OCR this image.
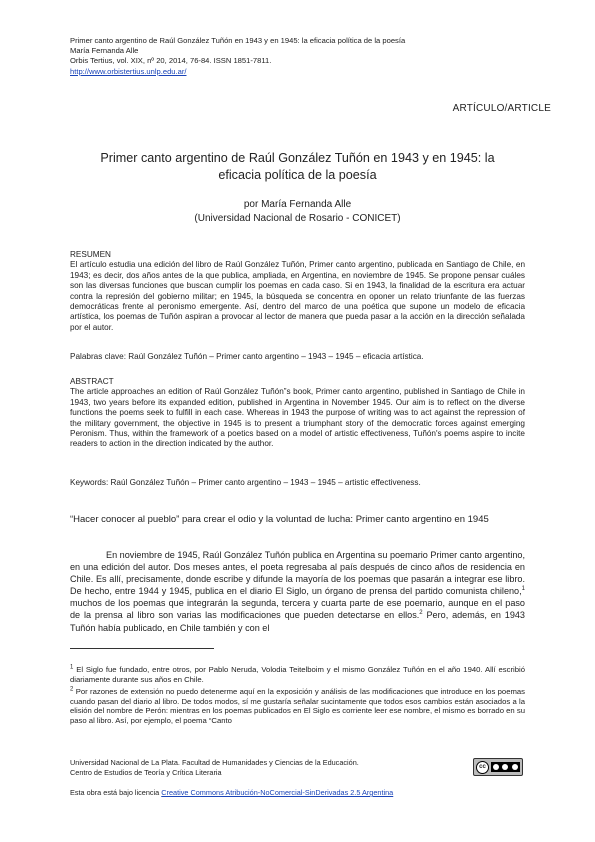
Primer canto argentino de Raúl González Tuñón en 1943 y en 1945: la eficacia política de la poesía
María Fernanda Alle
Orbis Tertius, vol. XIX, nº 20, 2014, 76-84. ISSN 1851-7811.
http://www.orbistertius.unlp.edu.ar/
ARTÍCULO/ARTICLE
Primer canto argentino de Raúl González Tuñón en 1943 y en 1945: la eficacia política de la poesía
por María Fernanda Alle
(Universidad Nacional de Rosario - CONICET)
RESUMEN
El artículo estudia una edición del libro de Raúl González Tuñón, Primer canto argentino, publicada en Santiago de Chile, en 1943; es decir, dos años antes de la que publica, ampliada, en Argentina, en noviembre de 1945. Se propone pensar cuáles son las diversas funciones que buscan cumplir los poemas en cada caso. Si en 1943, la finalidad de la escritura era actuar contra la represión del gobierno militar; en 1945, la búsqueda se concentra en oponer un relato triunfante de las fuerzas democráticas frente al peronismo emergente. Así, dentro del marco de una poética que supone un modelo de eficacia artística, los poemas de Tuñón aspiran a provocar al lector de manera que pueda pasar a la acción en la dirección señalada por el autor.
Palabras clave: Raúl González Tuñón – Primer canto argentino – 1943 – 1945 – eficacia artística.
ABSTRACT
The article approaches an edition of Raúl González Tuñón”s book, Primer canto argentino, published in Santiago de Chile in 1943, two years before its expanded edition, published in Argentina in November 1945. Our aim is to reflect on the diverse functions the poems seek to fulfill in each case. Whereas in 1943 the purpose of writing was to act against the repression of the military government, the objective in 1945 is to present a triumphant story of the democratic forces against emerging Peronism. Thus, within the framework of a poetics based on a model of artistic effectiveness, Tuñón's poems aspire to incite readers to action in the direction indicated by the author.
Keywords: Raúl González Tuñón – Primer canto argentino – 1943 – 1945 – artistic effectiveness.
“Hacer conocer al pueblo” para crear el odio y la voluntad de lucha: Primer canto argentino en 1945
En noviembre de 1945, Raúl González Tuñón publica en Argentina su poemario Primer canto argentino, en una edición del autor. Dos meses antes, el poeta regresaba al país después de cinco años de residencia en Chile. Es allí, precisamente, donde escribe y difunde la mayoría de los poemas que pasarán a integrar ese libro. De hecho, entre 1944 y 1945, publica en el diario El Siglo, un órgano de prensa del partido comunista chileno,$^1$ muchos de los poemas que integrarán la segunda, tercera y cuarta parte de ese poemario, aunque en el paso de la prensa al libro son varias las modificaciones que pueden detectarse en ellos.$^2$ Pero, además, en 1943 Tuñón había publicado, en Chile también y con el
$^1$ El Siglo fue fundado, entre otros, por Pablo Neruda, Volodia Teitelboim y el mismo González Tuñón en el año 1940. Allí escribió diariamente durante sus años en Chile.
$^2$ Por razones de extensión no puedo detenerme aquí en la exposición y análisis de las modificaciones que introduce en los poemas cuando pasan del diario al libro. De todos modos, sí me gustaría señalar sucintamente que todos esos cambios están asociados a la elisión del nombre de Perón: mientras en los poemas publicados en El Siglo es corriente leer ese nombre, el mismo es borrado en su paso al libro. Así, por ejemplo, el poema “Canto
Universidad Nacional de La Plata. Facultad de Humanidades y Ciencias de la Educación.
Centro de Estudios de Teoría y Crítica Literaria
cc
Esta obra está bajo licencia Creative Commons Atribución-NoComercial-SinDerivadas 2.5 Argentina
